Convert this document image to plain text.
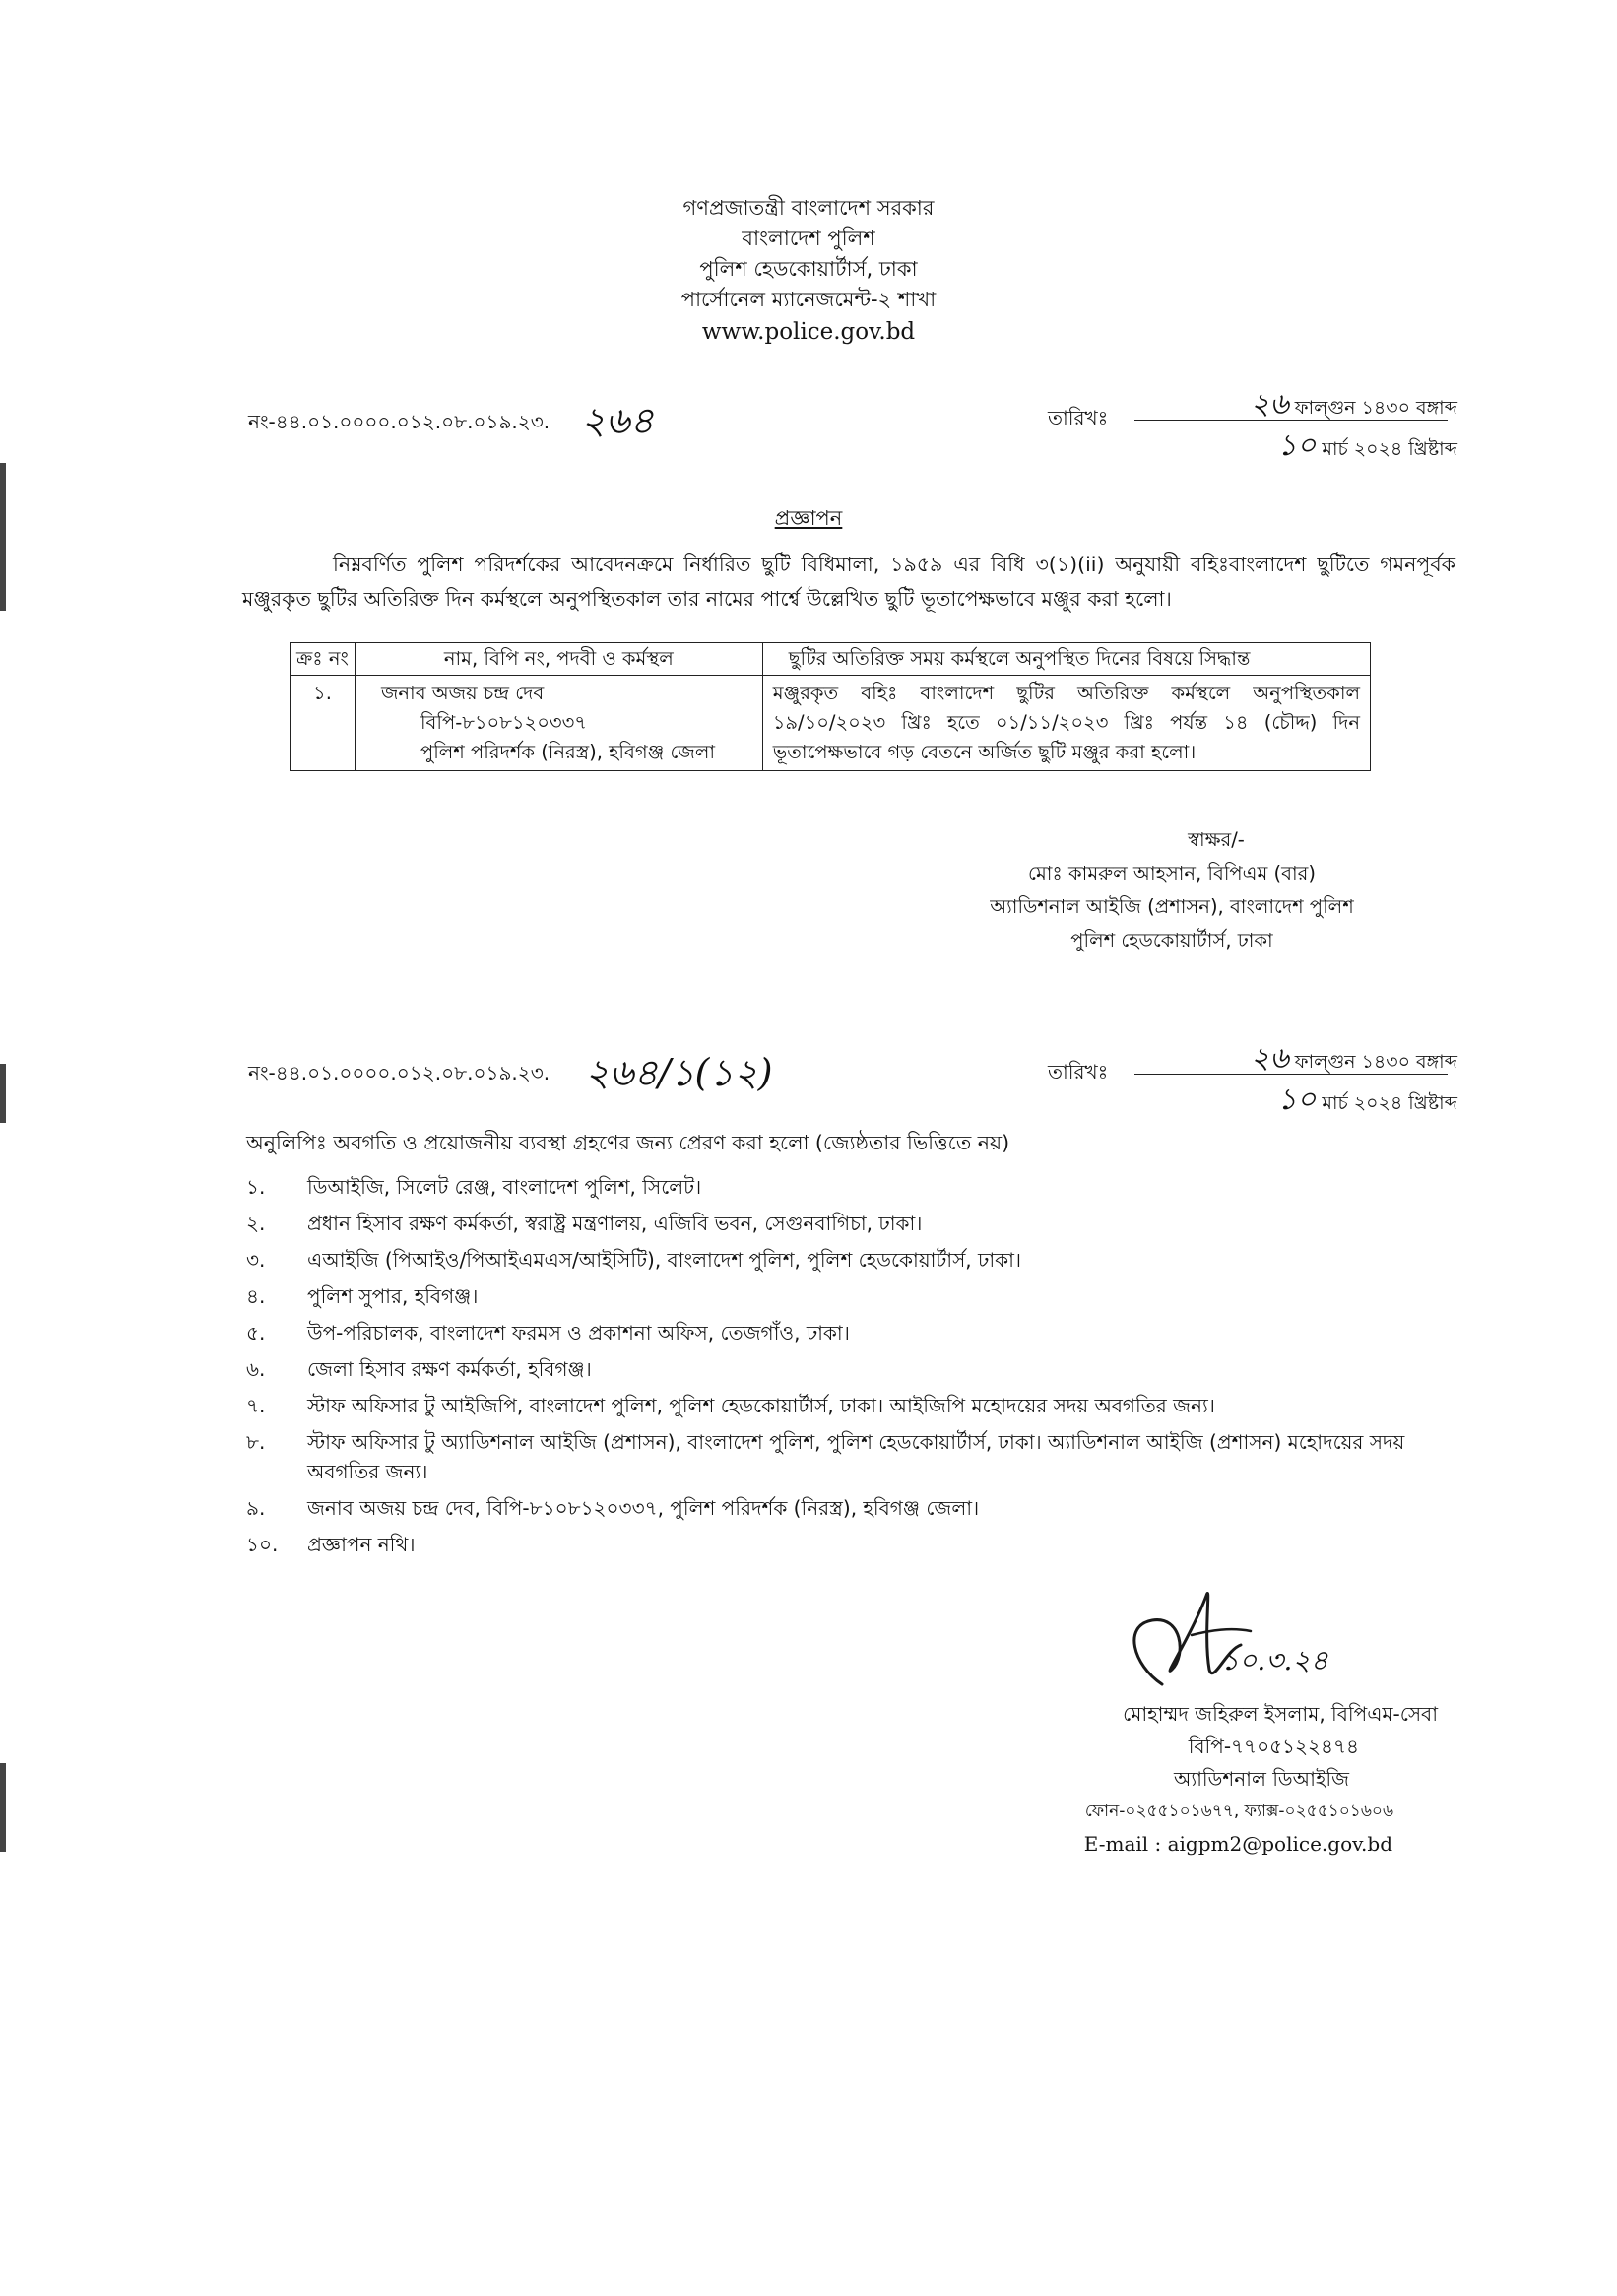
গণপ্রজাতন্ত্রী বাংলাদেশ সরকার
বাংলাদেশ পুলিশ
পুলিশ হেডকোয়ার্টার্স, ঢাকা
পার্সোনেল ম্যানেজমেন্ট-২ শাখা
www.police.gov.bd
নং-৪৪.০১.০০০০.০১২.০৮.০১৯.২৩. ২৬৪	তারিখঃ	২৬ ফাল্গুন ১৪৩০ বঙ্গাব্দ
১০ মার্চ ২০২৪ খ্রিষ্টাব্দ
প্রজ্ঞাপন
নিম্নবর্ণিত পুলিশ পরিদর্শকের আবেদনক্রমে নির্ধারিত ছুটি বিধিমালা, ১৯৫৯ এর বিধি ৩(১)(ii) অনুযায়ী বহিঃবাংলাদেশ ছুটিতে গমনপূর্বক মঞ্জুরকৃত ছুটির অতিরিক্ত দিন কর্মস্থলে অনুপস্থিতকাল তার নামের পার্শ্বে উল্লেখিত ছুটি ভূতাপেক্ষভাবে মঞ্জুর করা হলো।
ক্রঃ নং	নাম, বিপি নং, পদবী ও কর্মস্থল	ছুটির অতিরিক্ত সময় কর্মস্থলে অনুপস্থিত দিনের বিষয়ে সিদ্ধান্ত
১.	জনাব অজয় চন্দ্র দেব
বিপি-৮১০৮১২০৩৩৭
পুলিশ পরিদর্শক (নিরস্ত্র), হবিগঞ্জ জেলা	মঞ্জুরকৃত বহিঃ বাংলাদেশ ছুটির অতিরিক্ত কর্মস্থলে অনুপস্থিতকাল ১৯/১০/২০২৩ খ্রিঃ হতে ০১/১১/২০২৩ খ্রিঃ পর্যন্ত ১৪ (চৌদ্দ) দিন ভূতাপেক্ষভাবে গড় বেতনে অর্জিত ছুটি মঞ্জুর করা হলো।
স্বাক্ষর/-
মোঃ কামরুল আহসান, বিপিএম (বার)
অ্যাডিশনাল আইজি (প্রশাসন), বাংলাদেশ পুলিশ
পুলিশ হেডকোয়ার্টার্স, ঢাকা
নং-৪৪.০১.০০০০.০১২.০৮.০১৯.২৩. ২৬৪/১(১২)	তারিখঃ	২৬ ফাল্গুন ১৪৩০ বঙ্গাব্দ
১০ মার্চ ২০২৪ খ্রিষ্টাব্দ
অনুলিপিঃ অবগতি ও প্রয়োজনীয় ব্যবস্থা গ্রহণের জন্য প্রেরণ করা হলো (জ্যেষ্ঠতার ভিত্তিতে নয়)
১.	ডিআইজি, সিলেট রেঞ্জ, বাংলাদেশ পুলিশ, সিলেট।
২.	প্রধান হিসাব রক্ষণ কর্মকর্তা, স্বরাষ্ট্র মন্ত্রণালয়, এজিবি ভবন, সেগুনবাগিচা, ঢাকা।
৩.	এআইজি (পিআইও/পিআইএমএস/আইসিটি), বাংলাদেশ পুলিশ, পুলিশ হেডকোয়ার্টার্স, ঢাকা।
৪.	পুলিশ সুপার, হবিগঞ্জ।
৫.	উপ-পরিচালক, বাংলাদেশ ফরমস ও প্রকাশনা অফিস, তেজগাঁও, ঢাকা।
৬.	জেলা হিসাব রক্ষণ কর্মকর্তা, হবিগঞ্জ।
৭.	স্টাফ অফিসার টু আইজিপি, বাংলাদেশ পুলিশ, পুলিশ হেডকোয়ার্টার্স, ঢাকা। আইজিপি মহোদয়ের সদয় অবগতির জন্য।
৮.	স্টাফ অফিসার টু অ্যাডিশনাল আইজি (প্রশাসন), বাংলাদেশ পুলিশ, পুলিশ হেডকোয়ার্টার্স, ঢাকা। অ্যাডিশনাল আইজি (প্রশাসন) মহোদয়ের সদয় অবগতির জন্য।
৯.	জনাব অজয় চন্দ্র দেব, বিপি-৮১০৮১২০৩৩৭, পুলিশ পরিদর্শক (নিরস্ত্র), হবিগঞ্জ জেলা।
১০.	প্রজ্ঞাপন নথি।
১০.৩.২৪
মোহাম্মদ জহিরুল ইসলাম, বিপিএম-সেবা
বিপি-৭৭০৫১২২৪৭৪
অ্যাডিশনাল ডিআইজি
ফোন-০২৫৫১০১৬৭৭, ফ্যাক্স-০২৫৫১০১৬০৬
E-mail : aigpm2@police.gov.bd
